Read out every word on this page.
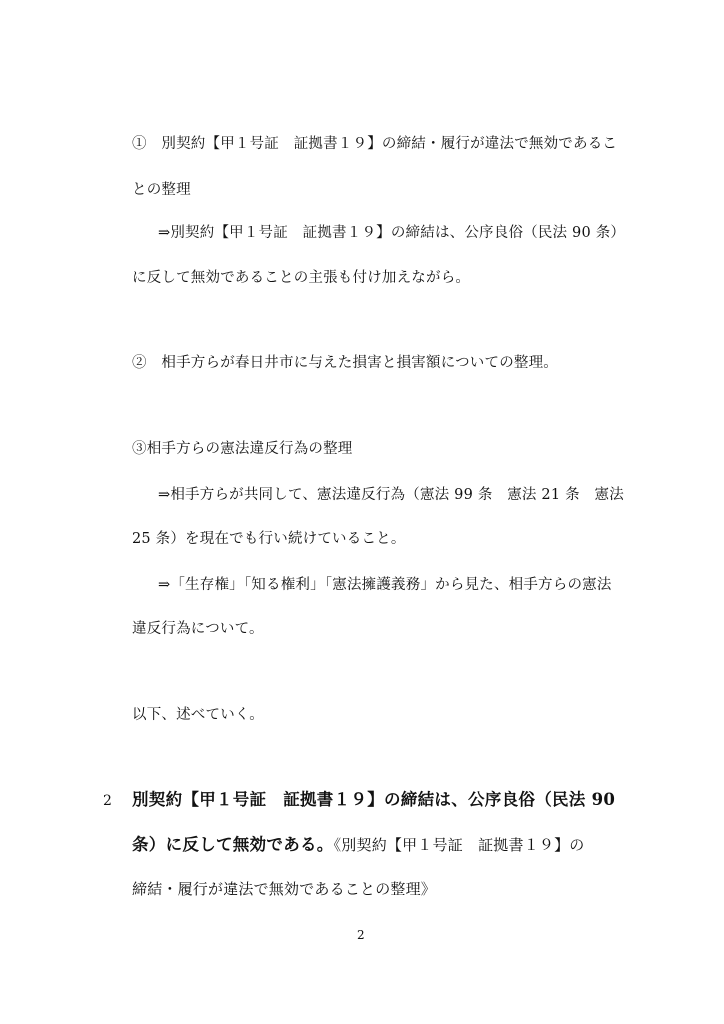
①　別契約【甲１号証　証拠書１９】の締結・履行が違法で無効であるこ
との整理
⇒別契約【甲１号証　証拠書１９】の締結は、公序良俗（民法 90 条）
に反して無効であることの主張も付け加えながら。
②　相手方らが春日井市に与えた損害と損害額についての整理。
③相手方らの憲法違反行為の整理
⇒相手方らが共同して、憲法違反行為（憲法 99 条　憲法 21 条　憲法
25 条）を現在でも行い続けていること。
⇒「生存権」「知る権利」「憲法擁護義務」から見た、相手方らの憲法
違反行為について。
以下、述べていく。
2 別契約【甲１号証　証拠書１９】の締結は、公序良俗（民法 90
条）に反して無効である。《別契約【甲１号証　証拠書１９】の
締結・履行が違法で無効であることの整理》
2
